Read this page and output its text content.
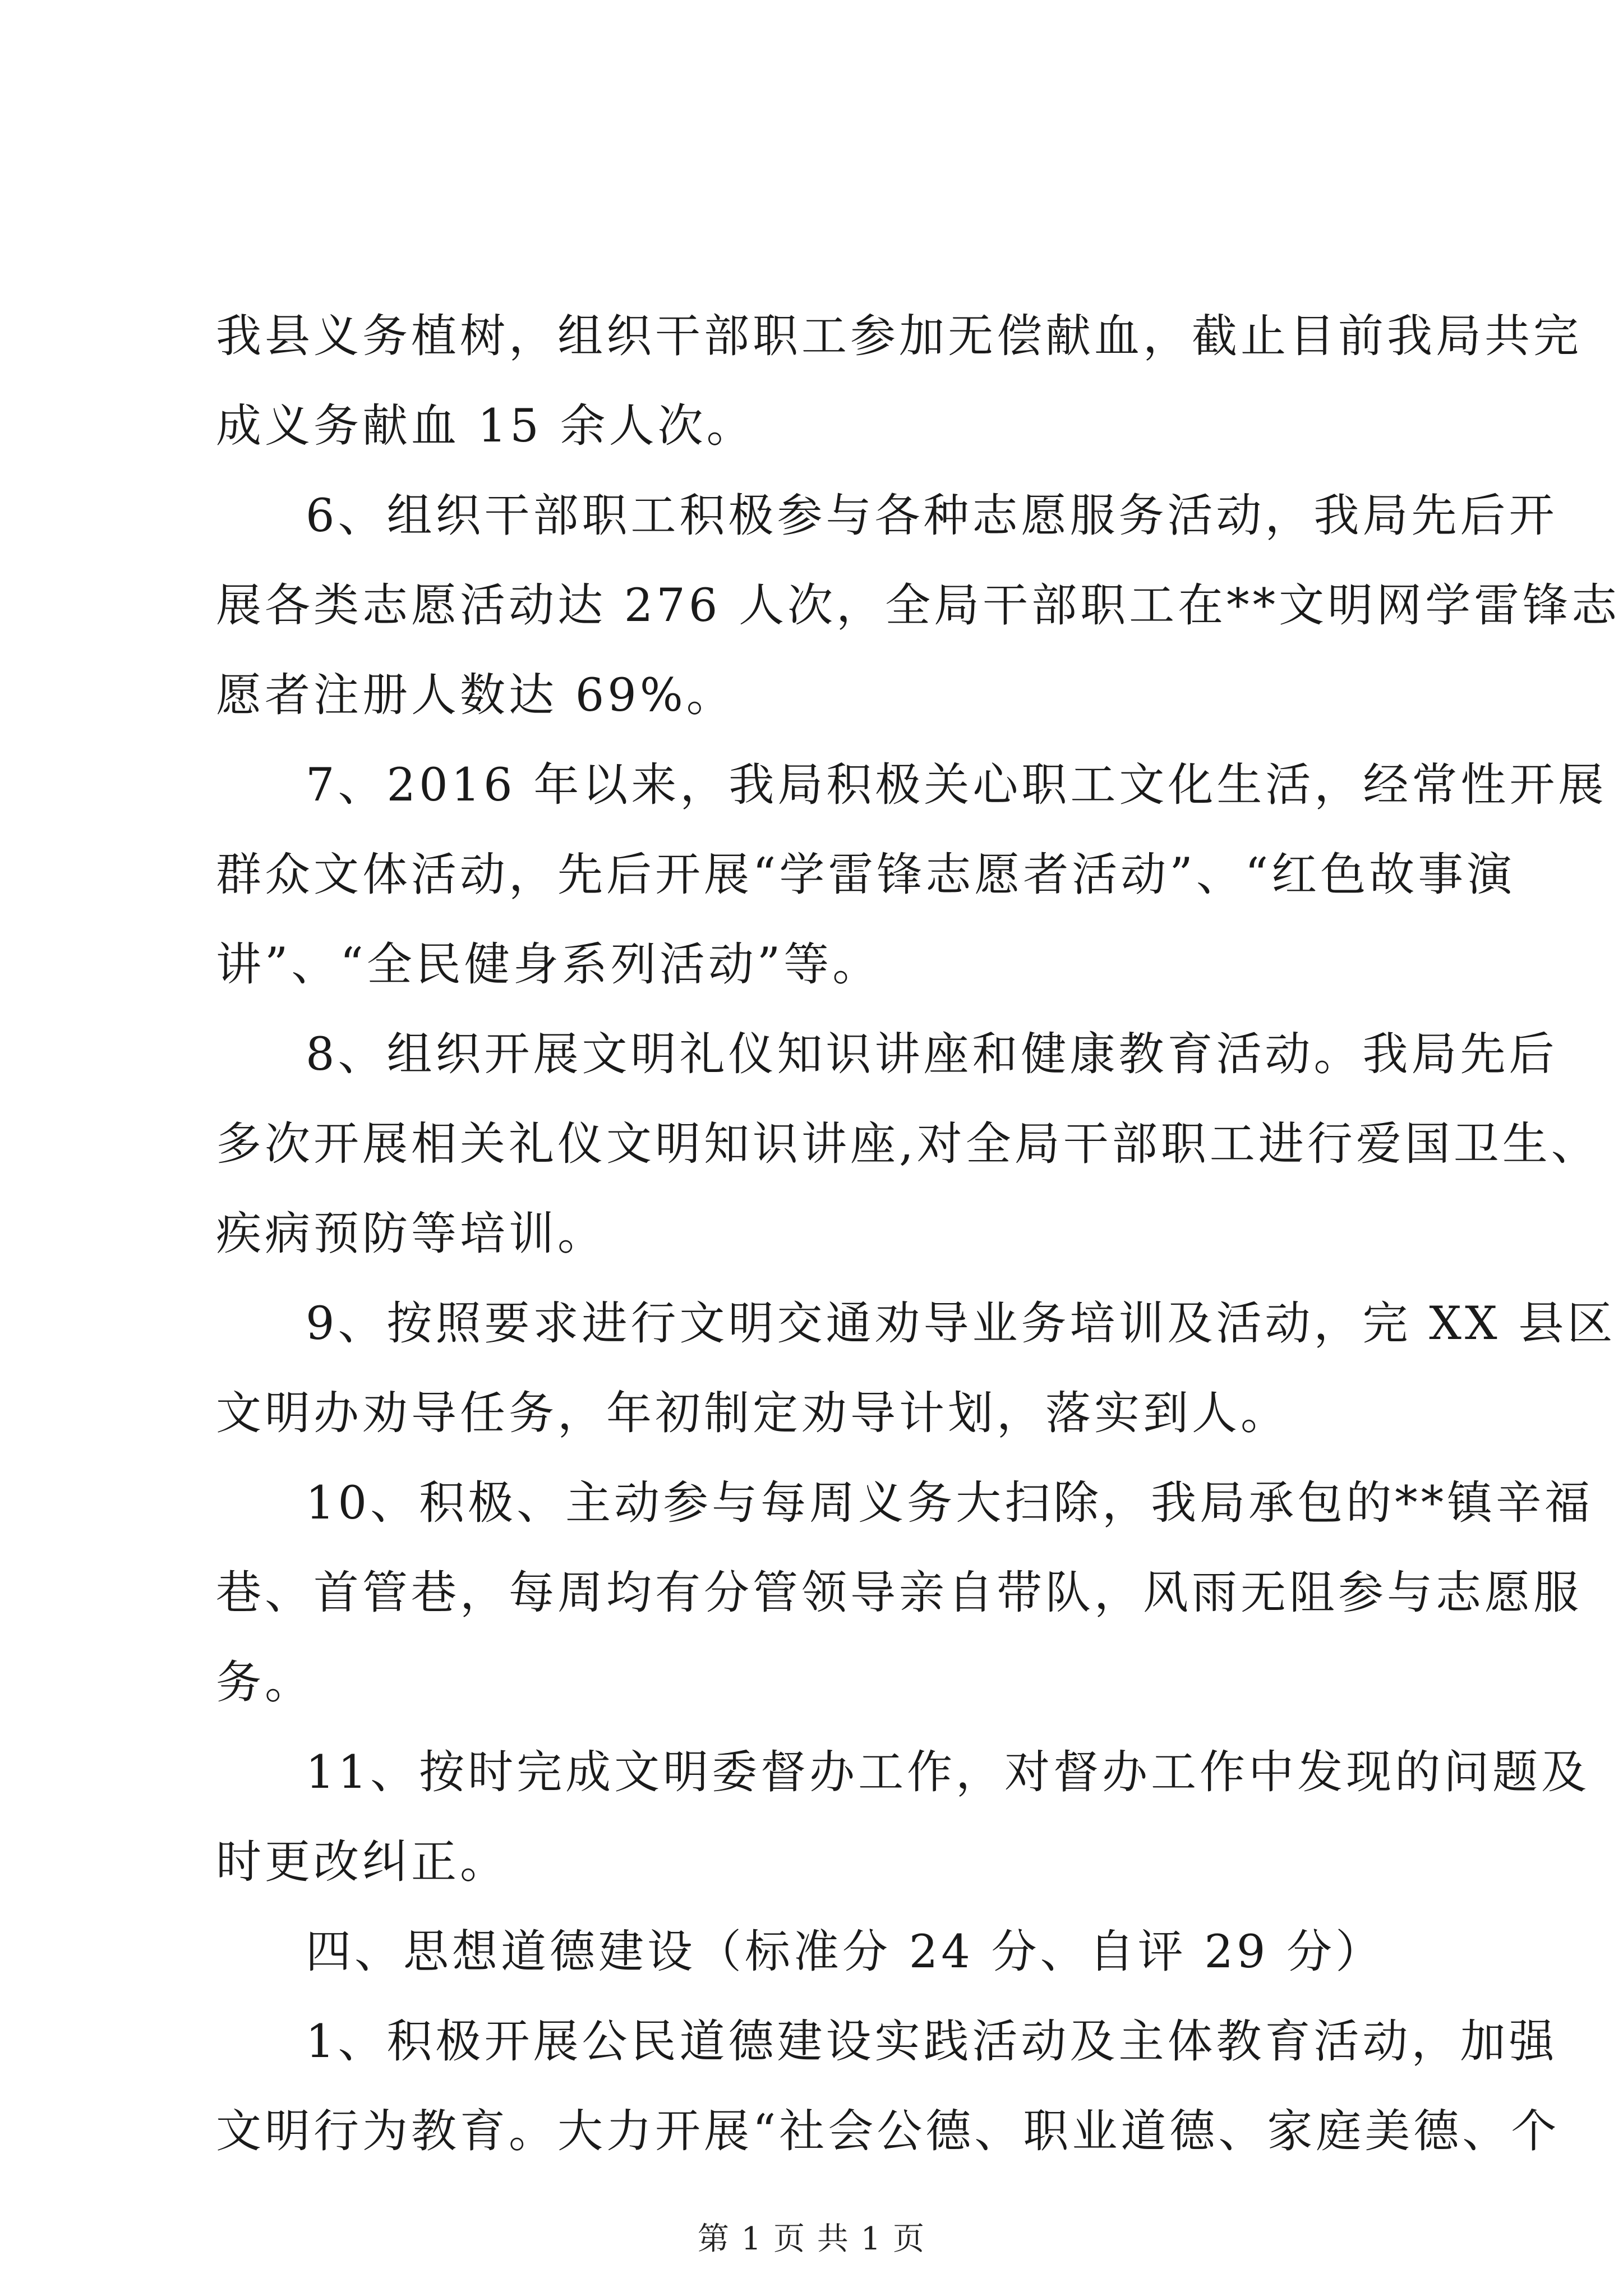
我县义务植树，组织干部职工参加无偿献血，截止目前我局共完
成义务献血 15 余人次。
6、组织干部职工积极参与各种志愿服务活动，我局先后开
展各类志愿活动达 276 人次，全局干部职工在**文明网学雷锋志
愿者注册人数达 69%。
7、2016 年以来，我局积极关心职工文化生活，经常性开展
群众文体活动，先后开展“学雷锋志愿者活动”、“红色故事演
讲”、“全民健身系列活动”等。
8、组织开展文明礼仪知识讲座和健康教育活动。我局先后
多次开展相关礼仪文明知识讲座,对全局干部职工进行爱国卫生、
疾病预防等培训。
9、按照要求进行文明交通劝导业务培训及活动，完 XX 县区
文明办劝导任务，年初制定劝导计划，落实到人。
10、积极、主动参与每周义务大扫除，我局承包的**镇辛福
巷、首管巷，每周均有分管领导亲自带队，风雨无阻参与志愿服
务。
11、按时完成文明委督办工作，对督办工作中发现的问题及
时更改纠正。
四、思想道德建设（标准分 24 分、自评 29 分）
1、积极开展公民道德建设实践活动及主体教育活动，加强
文明行为教育。大力开展“社会公德、职业道德、家庭美德、个
第 1 页 共 1 页
